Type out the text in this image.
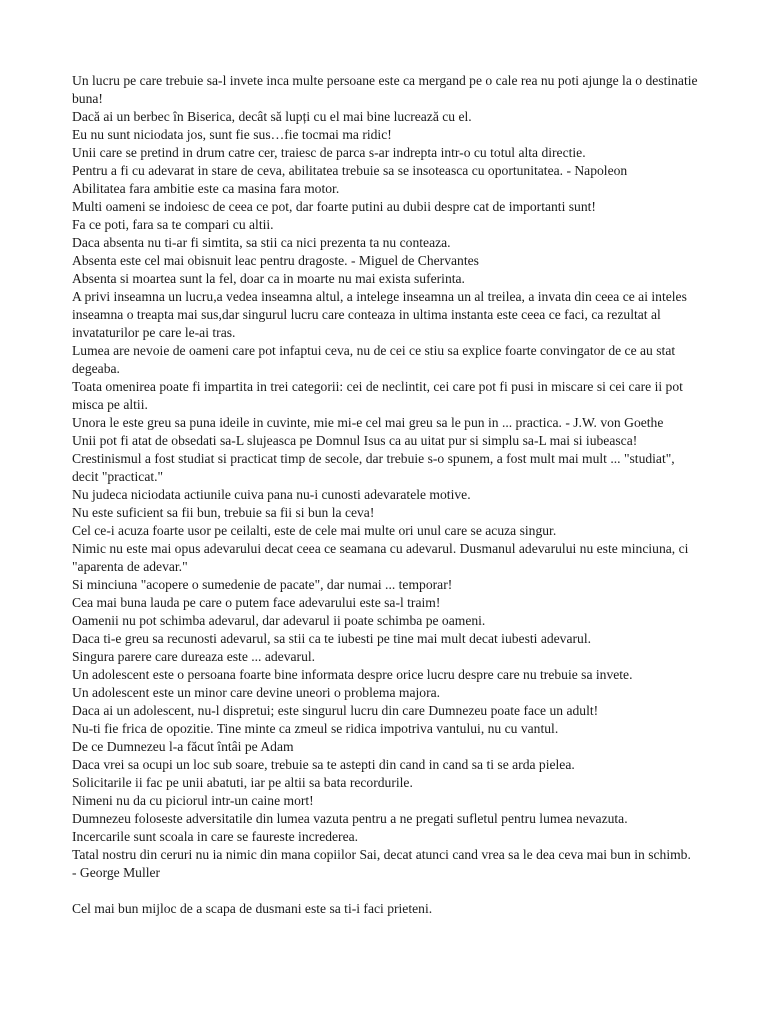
Un lucru pe care trebuie sa-l invete inca multe persoane este ca mergand pe o cale rea nu poti ajunge la o destinatie buna!

Dacă ai un berbec în Biserica, decât să lupți cu el mai bine lucrează cu el.

Eu nu sunt niciodata jos, sunt fie sus…fie tocmai ma ridic!

Unii care se pretind in drum catre cer, traiesc de parca s-ar indrepta intr-o cu totul alta directie.

Pentru a fi cu adevarat in stare de ceva, abilitatea trebuie sa se insoteasca cu oportunitatea. - Napoleon

Abilitatea fara ambitie este ca masina fara motor.

Multi oameni se indoiesc de ceea ce pot, dar foarte putini au dubii despre cat de importanti sunt!

Fa ce poti, fara sa te compari cu altii.

Daca absenta nu ti-ar fi simtita, sa stii ca nici prezenta ta nu conteaza.

Absenta este cel mai obisnuit leac pentru dragoste. - Miguel de Chervantes

Absenta si moartea sunt la fel, doar ca in moarte nu mai exista suferinta.

A privi inseamna un lucru,a vedea inseamna altul, a intelege inseamna un al treilea, a invata din ceea ce ai inteles inseamna o treapta mai sus,dar singurul lucru care conteaza in ultima instanta este ceea ce faci, ca rezultat al invataturilor pe care le-ai tras.

Lumea are nevoie de oameni care pot infaptui ceva, nu de cei ce stiu sa explice foarte convingator de ce au stat degeaba.

Toata omenirea poate fi impartita in trei categorii: cei de neclintit, cei care pot fi pusi in miscare si cei care ii pot misca pe altii.

Unora le este greu sa puna ideile in cuvinte, mie mi-e cel mai greu sa le pun in ... practica. - J.W. von Goethe

Unii pot fi atat de obsedati sa-L slujeasca pe Domnul Isus ca au uitat pur si simplu sa-L mai si iubeasca!

Crestinismul a fost studiat si practicat timp de secole, dar trebuie s-o spunem, a fost mult mai mult ... "studiat", decit "practicat."

Nu judeca niciodata actiunile cuiva pana nu-i cunosti adevaratele motive.

Nu este suficient sa fii bun, trebuie sa fii si bun la ceva!

Cel ce-i acuza foarte usor pe ceilalti, este de cele mai multe ori unul care se acuza singur.

Nimic nu este mai opus adevarului decat ceea ce seamana cu adevarul. Dusmanul adevarului nu este minciuna, ci "aparenta de adevar."

Si minciuna "acopere o sumedenie de pacate", dar numai ... temporar!

Cea mai buna lauda pe care o putem face adevarului este sa-l traim!

Oamenii nu pot schimba adevarul, dar adevarul ii poate schimba pe oameni.

Daca ti-e greu sa recunosti adevarul, sa stii ca te iubesti pe tine mai mult decat iubesti adevarul.

Singura parere care dureaza este ... adevarul.

Un adolescent este o persoana foarte bine informata despre orice lucru despre care nu trebuie sa invete.

Un adolescent este un minor care devine uneori o problema majora.

Daca ai un adolescent, nu-l dispretui; este singurul lucru din care Dumnezeu poate face un adult!

Nu-ti fie frica de opozitie. Tine minte ca zmeul se ridica impotriva vantului, nu cu vantul.

De ce Dumnezeu l-a făcut întâi pe Adam

Daca vrei sa ocupi un loc sub soare, trebuie sa te astepti din cand in cand sa ti se arda pielea.

Solicitarile ii fac pe unii abatuti, iar pe altii sa bata recordurile.

Nimeni nu da cu piciorul intr-un caine mort!

Dumnezeu foloseste adversitatile din lumea vazuta pentru a ne pregati sufletul pentru lumea nevazuta.

Incercarile sunt scoala in care se faureste increderea.

Tatal nostru din ceruri nu ia nimic din mana copiilor Sai, decat atunci cand vrea sa le dea ceva mai bun in schimb. - George Muller

Cel mai bun mijloc de a scapa de dusmani este sa ti-i faci prieteni.
